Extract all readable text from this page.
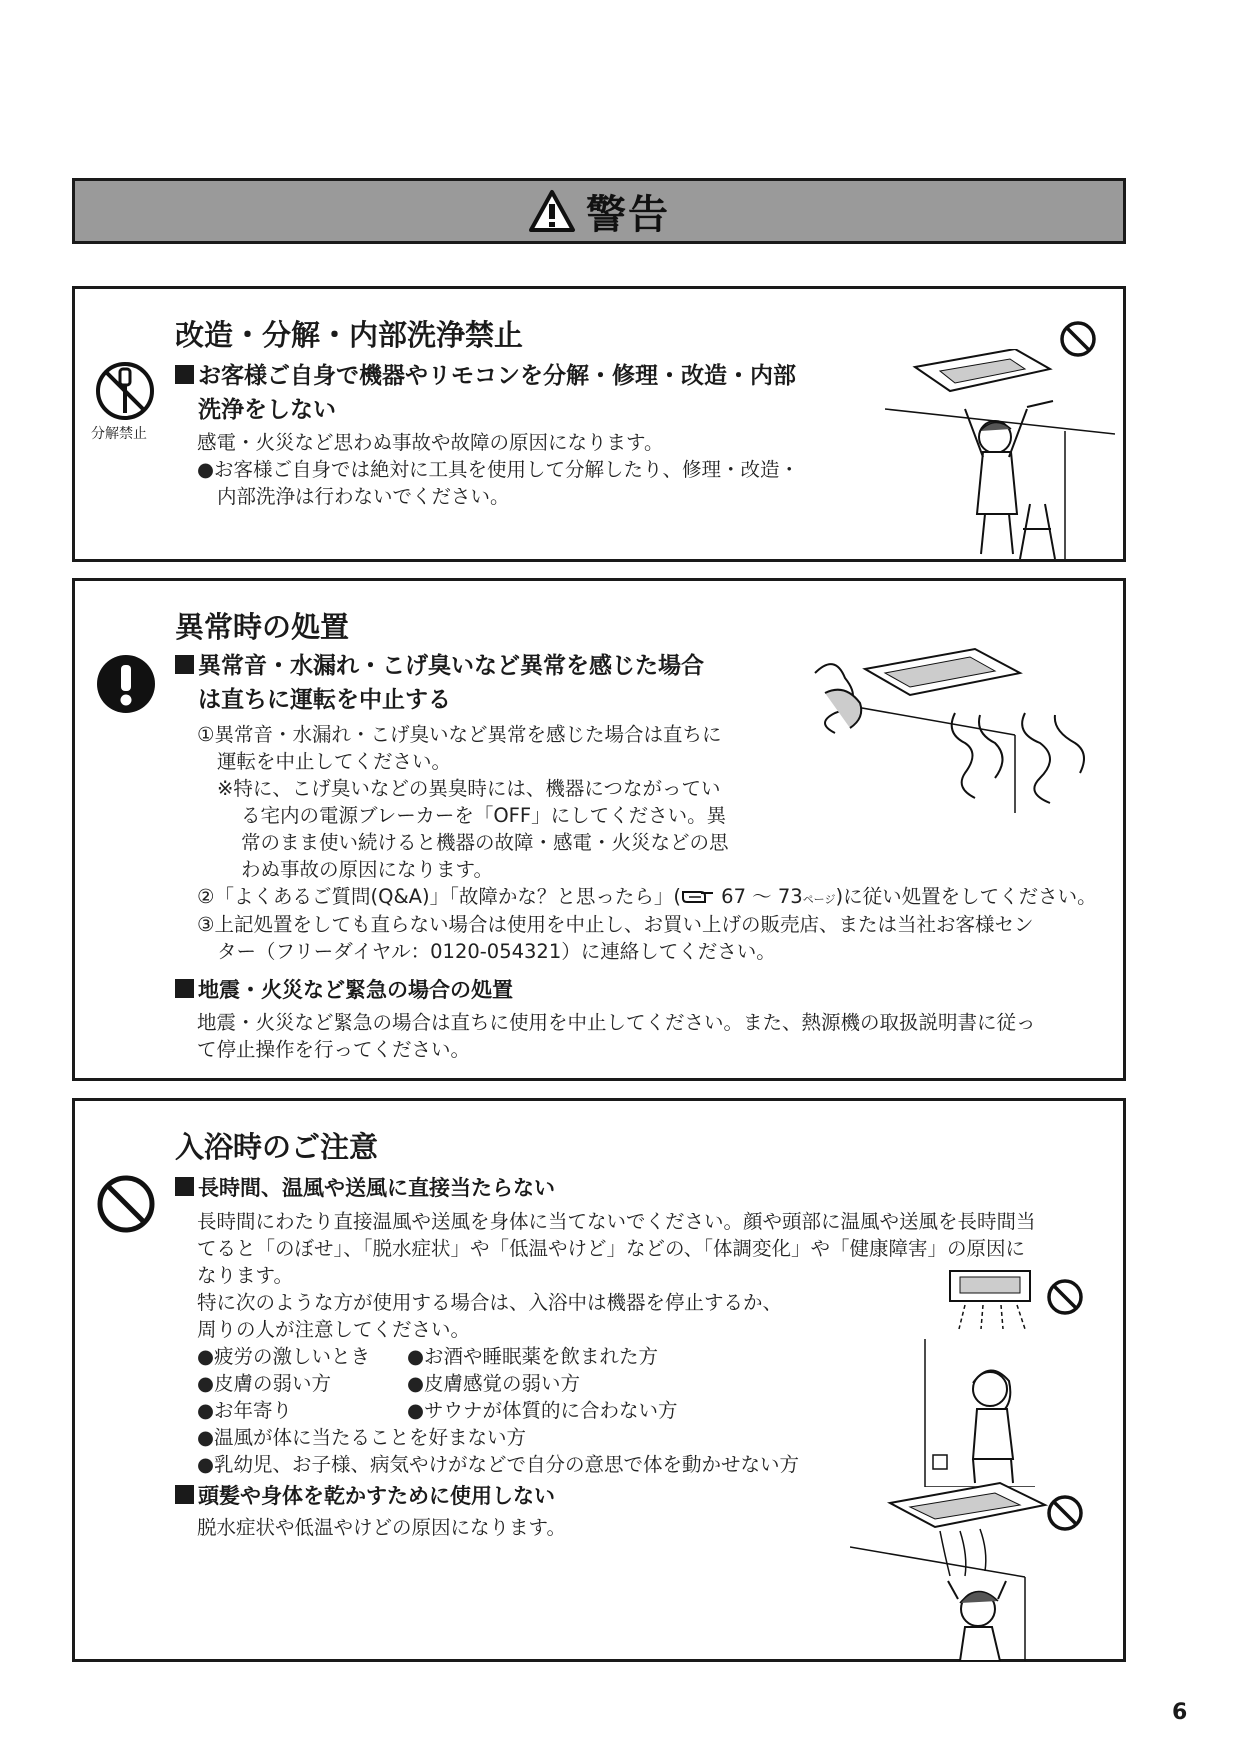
警告
改造・分解・内部洗浄禁止
分解禁止
お客様ご自身で機器やリモコンを分解・修理・改造・内部
洗浄をしない
感電・火災など思わぬ事故や故障の原因になります。
●お客様ご自身では絶対に工具を使用して分解したり、修理・改造・

内部洗浄は行わないでください。
異常時の処置
異常音・水漏れ・こげ臭いなど異常を感じた場合
は直ちに運転を中止する
①異常音・水漏れ・こげ臭いなど異常を感じた場合は直ちに

運転を中止してください。
※特に、こげ臭いなどの異臭時には、機器につながってい
る宅内の電源ブレーカーを「OFF」にしてください。異
常のまま使い続けると機器の故障・感電・火災などの思
わぬ事故の原因になります。
②「よくあるご質問(Q&A)」「故障かな？と思ったら」( 67 ～ 73ページ)に従い処置をしてください。
③上記処置をしても直らない場合は使用を中止し、お買い上げの販売店、または当社お客様セン

ター（フリーダイヤル：0120-054321）に連絡してください。
地震・火災など緊急の場合の処置
地震・火災など緊急の場合は直ちに使用を中止してください。また、熱源機の取扱説明書に従っ
て停止操作を行ってください。
入浴時のご注意
長時間、温風や送風に直接当たらない
長時間にわたり直接温風や送風を身体に当てないでください。顔や頭部に温風や送風を長時間当
てると「のぼせ」、「脱水症状」や「低温やけど」などの、「体調変化」や「健康障害」の原因に
なります。
特に次のような方が使用する場合は、入浴中は機器を停止するか、
周りの人が注意してください。
●疲労の激しいとき	●お酒や睡眠薬を飲まれた方
●皮膚の弱い方	●皮膚感覚の弱い方
●お年寄り	●サウナが体質的に合わない方
●温風が体に当たることを好まない方
●乳幼児、お子様、病気やけがなどで自分の意思で体を動かせない方
頭髪や身体を乾かすために使用しない
脱水症状や低温やけどの原因になります。
6
